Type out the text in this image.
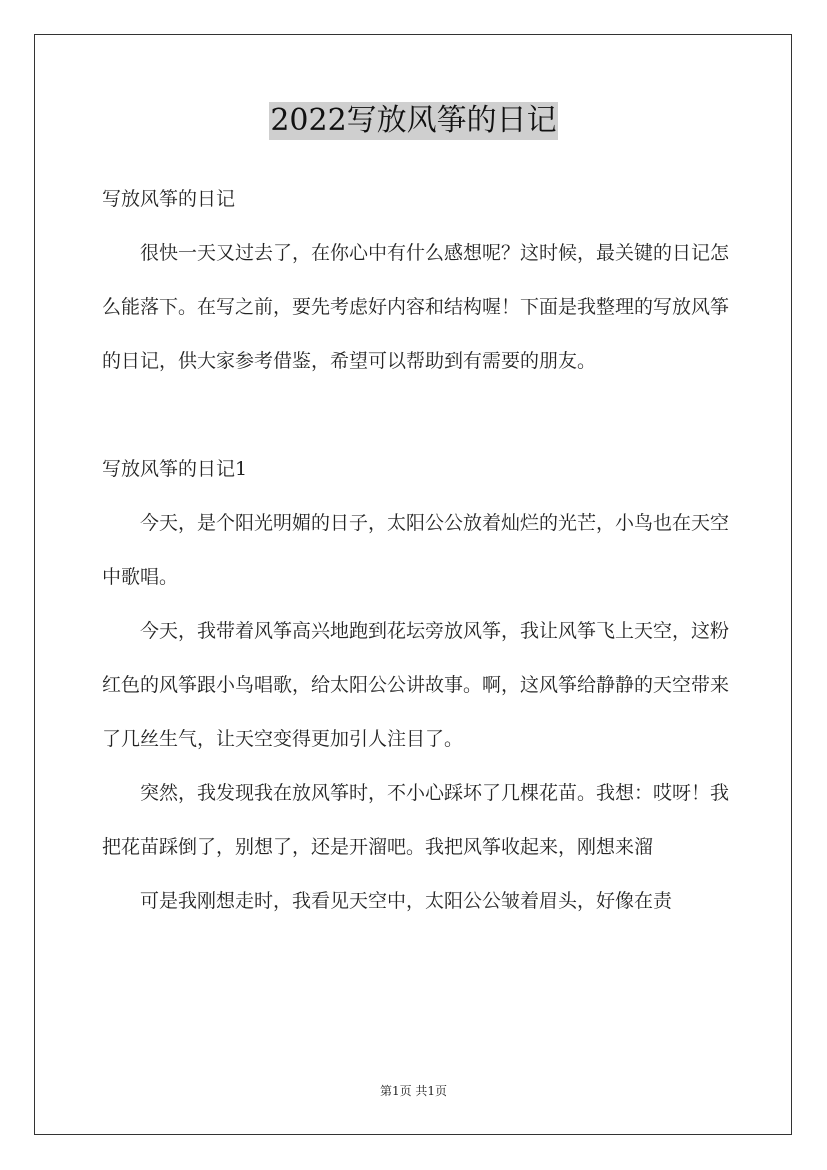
2022写放风筝的日记

写放风筝的日记

很快一天又过去了，在你心中有什么感想呢？这时候，最关键的日记怎么能落下。在写之前，要先考虑好内容和结构喔！下面是我整理的写放风筝的日记，供大家参考借鉴，希望可以帮助到有需要的朋友。

写放风筝的日记1

今天，是个阳光明媚的日子，太阳公公放着灿烂的光芒，小鸟也在天空中歌唱。

今天，我带着风筝高兴地跑到花坛旁放风筝，我让风筝飞上天空，这粉红色的风筝跟小鸟唱歌，给太阳公公讲故事。啊，这风筝给静静的天空带来了几丝生气，让天空变得更加引人注目了。

突然，我发现我在放风筝时，不小心踩坏了几棵花苗。我想：哎呀！我把花苗踩倒了，别想了，还是开溜吧。我把风筝收起来，刚想来溜

可是我刚想走时，我看见天空中，太阳公公皱着眉头，好像在责

第1页 共1页
